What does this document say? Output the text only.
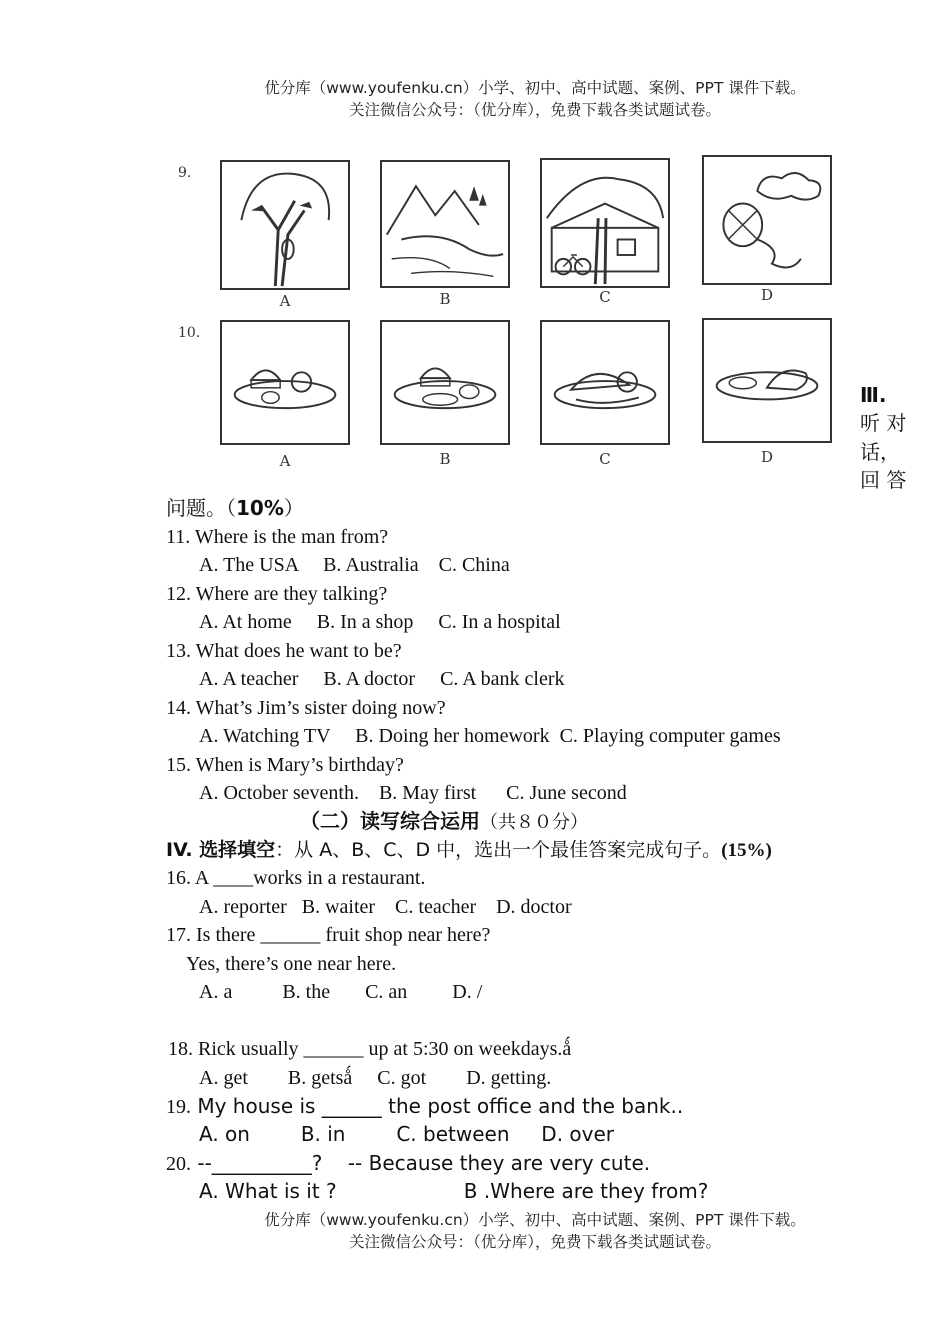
优分库（www.youfenku.cn）小学、初中、高中试题、案例、PPT 课件下载。
关注微信公众号：（优分库），免费下载各类试题试卷。
9.
A	B	C	D
10.
A	B	C	D
Ⅲ.
听 对
话，
回 答
问题。（10%）
11. Where is the man from?
A. The USA     B. Australia    C. China
12. Where are they talking?
A. At home     B. In a shop     C. In a hospital
13. What does he want to be?
A. A teacher     B. A doctor     C. A bank clerk
14. What’s Jim’s sister doing now?
A. Watching TV     B. Doing her homework  C. Playing computer games
15. When is Mary’s birthday?
A. October seventh.    B. May first      C. June second
（二）读写综合运用（共８０分）
IV. 选择填空：从 A、B、C、D 中，选出一个最佳答案完成句子。(15%)
16. A ____works in a restaurant.
A. reporter   B. waiter    C. teacher    D. doctor
17. Is there ______ fruit shop near here?
Yes, there’s one near here.
A. a          B. the       C. an         D. /
18. Rick usually ______ up at 5:30 on weekdays.ǻ
A. get        B. getsǻ     C. got        D. getting.
19. My house is ______ the post office and the bank..
A. on        B. in        C. between     D. over
20. --__________?    -- Because they are very cute.
A. What is it ?                    B .Where are they from?
优分库（www.youfenku.cn）小学、初中、高中试题、案例、PPT 课件下载。
关注微信公众号：（优分库），免费下载各类试题试卷。
